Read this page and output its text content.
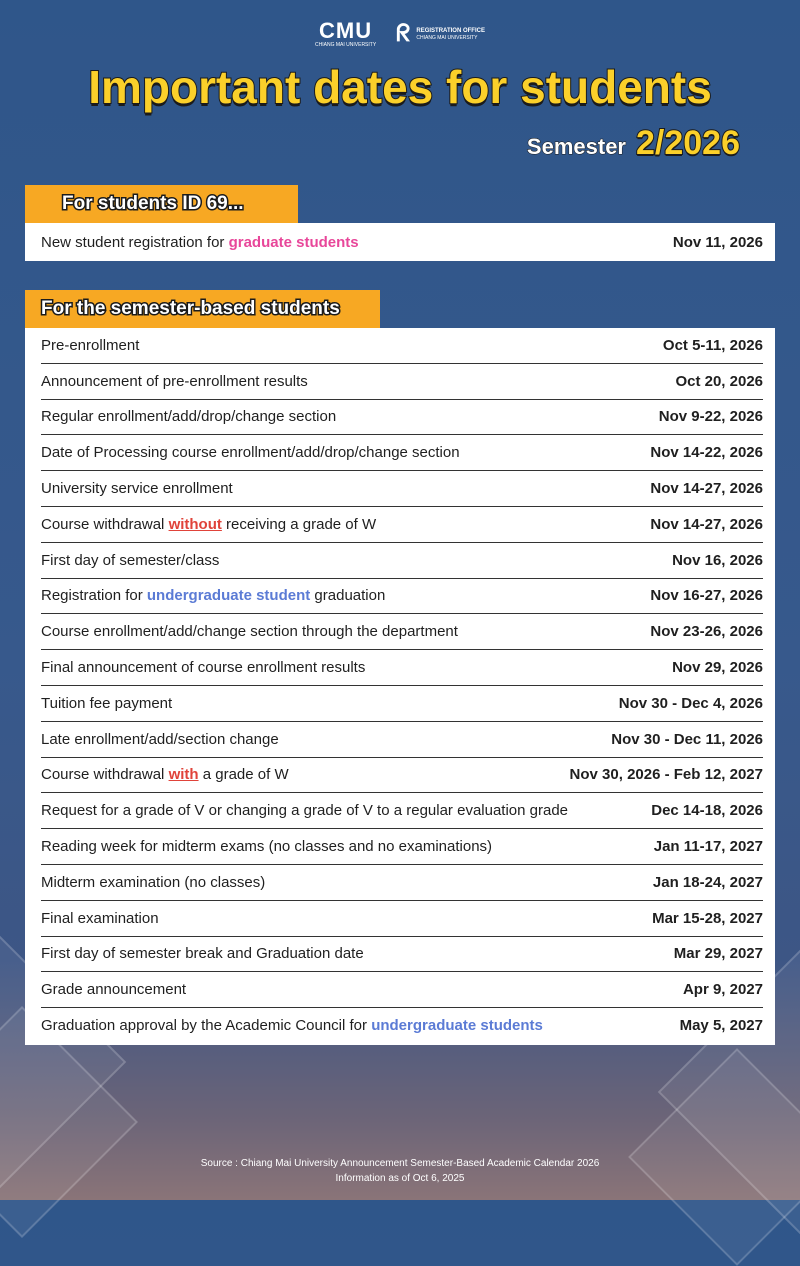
CMU
CHIANG MAI UNIVERSITY ᖇ REGISTRATION OFFICE
CHIANG MAI UNIVERSITY
Important dates for students
Semester 2/2026
For students ID 69...
New student registration for graduate students	Nov 11, 2026
For the semester-based students
Pre-enrollment	Oct 5-11, 2026
Announcement of pre-enrollment results	Oct 20, 2026
Regular enrollment/add/drop/change section	Nov 9-22, 2026
Date of Processing course enrollment/add/drop/change section	Nov 14-22, 2026
University service enrollment	Nov 14-27, 2026
Course withdrawal without receiving a grade of W	Nov 14-27, 2026
First day of semester/class	Nov 16, 2026
Registration for undergraduate student graduation	Nov 16-27, 2026
Course enrollment/add/change section through the department	Nov 23-26, 2026
Final announcement of course enrollment results	Nov 29, 2026
Tuition fee payment	Nov 30 - Dec 4, 2026
Late enrollment/add/section change	Nov 30 - Dec 11, 2026
Course withdrawal with a grade of W	Nov 30, 2026 - Feb 12, 2027
Request for a grade of V or changing a grade of V to a regular evaluation grade	Dec 14-18, 2026
Reading week for midterm exams (no classes and no examinations)	Jan 11-17, 2027
Midterm examination (no classes)	Jan 18-24, 2027
Final examination	Mar 15-28, 2027
First day of semester break and Graduation date	Mar 29, 2027
Grade announcement	Apr 9, 2027
Graduation approval by the Academic Council for undergraduate students	May 5, 2027
Source : Chiang Mai University Announcement Semester-Based Academic Calendar 2026
Information as of Oct 6, 2025
